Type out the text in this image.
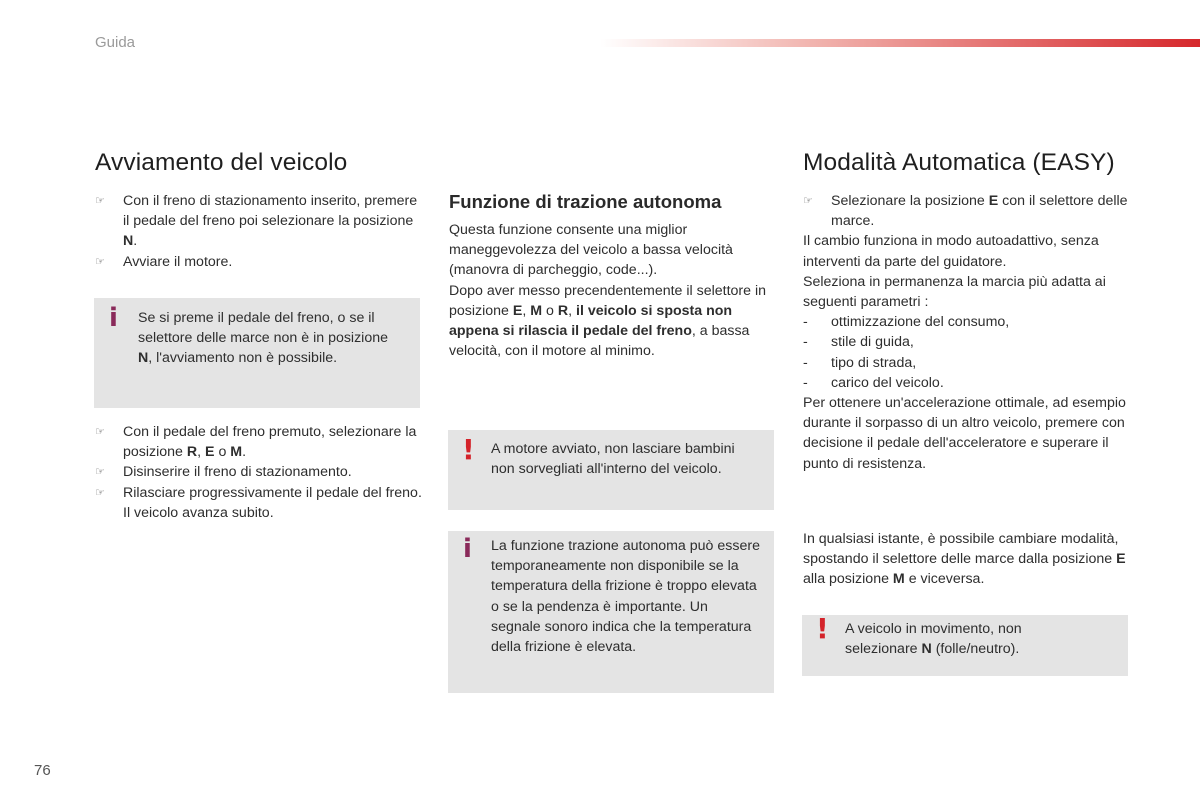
Guida
Avviamento del veicolo
☞	Con il freno di stazionamento inserito, premere il pedale del freno poi selezionare la posizione N.
☞	Avviare il motore.
i Se si preme il pedale del freno, o se il selettore delle marce non è in posizione N, l'avviamento non è possibile.
☞	Con il pedale del freno premuto, selezionare la posizione R, E o M.
☞	Disinserire il freno di stazionamento.
☞	Rilasciare progressivamente il pedale del freno.
Il veicolo avanza subito.
Funzione di trazione autonoma

Questa funzione consente una miglior maneggevolezza del veicolo a bassa velocità (manovra di parcheggio, code...).
Dopo aver messo precendentemente il selettore in posizione E, M o R, il veicolo si sposta non appena si rilascia il pedale del freno, a bassa velocità, con il motore al minimo.

! A motore avviato, non lasciare bambini non sorvegliati all'interno del veicolo.
i La funzione trazione autonoma può essere temporaneamente non disponibile se la temperatura della frizione è troppo elevata o se la pendenza è importante. Un segnale sonoro indica che la temperatura della frizione è elevata.
Modalità Automatica (EASY)
☞	Selezionare la posizione E con il selettore delle marce.

Il cambio funziona in modo autoadattivo, senza interventi da parte del guidatore.

Seleziona in permanenza la marcia più adatta ai seguenti parametri :

- ottimizzazione del consumo,
- stile di guida,
- tipo di strada,
- carico del veicolo.

Per ottenere un'accelerazione ottimale, ad esempio durante il sorpasso di un altro veicolo, premere con decisione il pedale dell'acceleratore e superare il punto di resistenza.

In qualsiasi istante, è possibile cambiare modalità, spostando il selettore delle marce dalla posizione E alla posizione M e viceversa.

! A veicolo in movimento, non selezionare N (folle/neutro).
76
